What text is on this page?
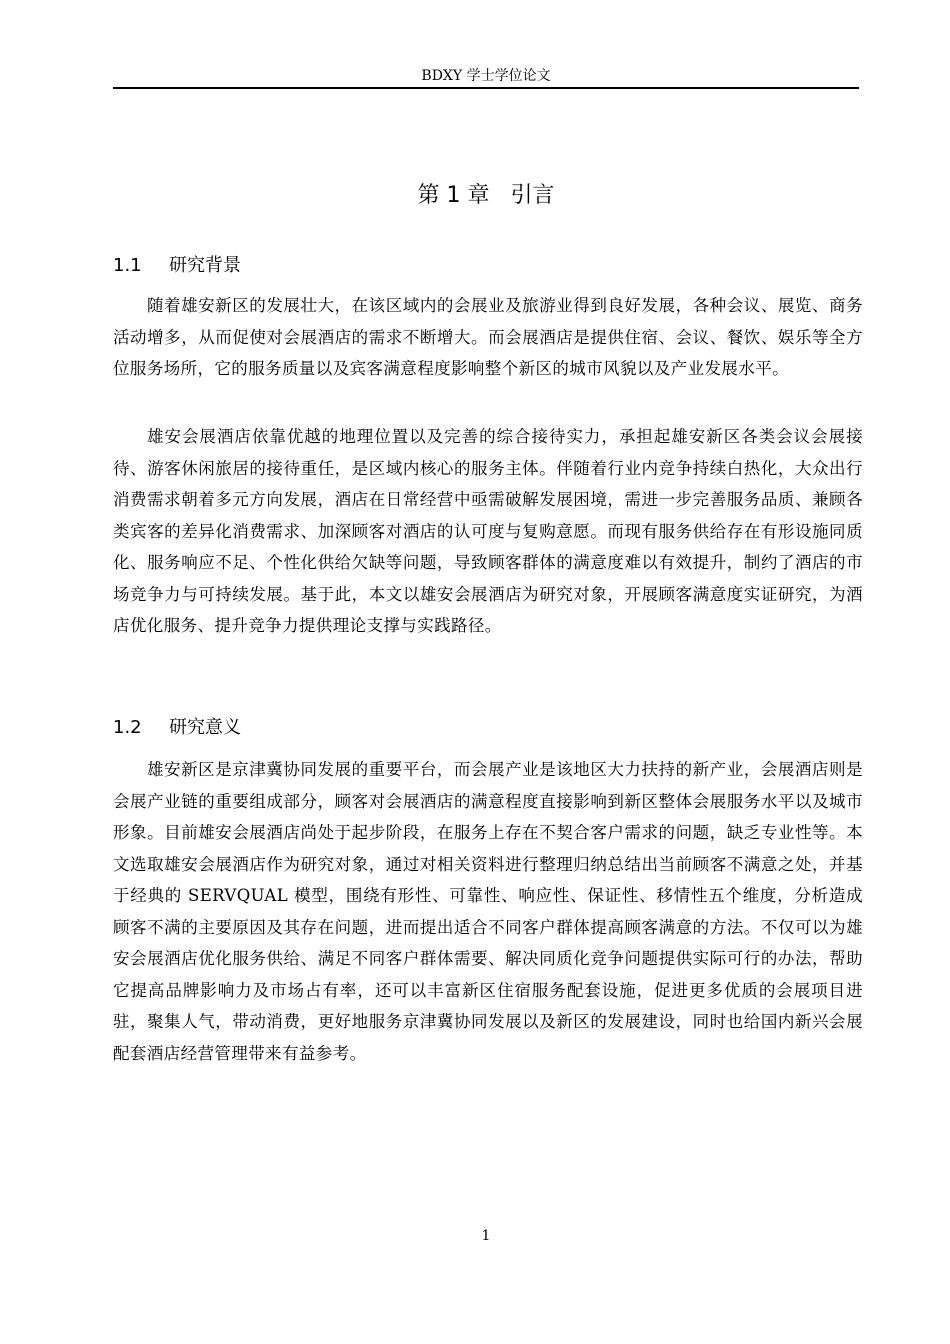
BDXY 学士学位论文
第 1 章   引言
1.1 研究背景

随着雄安新区的发展壮大，在该区域内的会展业及旅游业得到良好发展，各种会议、展览、商务活动增多，从而促使对会展酒店的需求不断增大。而会展酒店是提供住宿、会议、餐饮、娱乐等全方位服务场所，它的服务质量以及宾客满意程度影响整个新区的城市风貌以及产业发展水平。

雄安会展酒店依靠优越的地理位置以及完善的综合接待实力，承担起雄安新区各类会议会展接待、游客休闲旅居的接待重任，是区域内核心的服务主体。伴随着行业内竞争持续白热化，大众出行消费需求朝着多元方向发展，酒店在日常经营中亟需破解发展困境，需进一步完善服务品质、兼顾各类宾客的差异化消费需求、加深顾客对酒店的认可度与复购意愿。而现有服务供给存在有形设施同质化、服务响应不足、个性化供给欠缺等问题，导致顾客群体的满意度难以有效提升，制约了酒店的市场竞争力与可持续发展。基于此，本文以雄安会展酒店为研究对象，开展顾客满意度实证研究，为酒店优化服务、提升竞争力提供理论支撑与实践路径。

1.2 研究意义

雄安新区是京津冀协同发展的重要平台，而会展产业是该地区大力扶持的新产业，会展酒店则是会展产业链的重要组成部分，顾客对会展酒店的满意程度直接影响到新区整体会展服务水平以及城市形象。目前雄安会展酒店尚处于起步阶段，在服务上存在不契合客户需求的问题，缺乏专业性等。本文选取雄安会展酒店作为研究对象，通过对相关资料进行整理归纳总结出当前顾客不满意之处，并基于经典的 SERVQUAL 模型，围绕有形性、可靠性、响应性、保证性、移情性五个维度，分析造成顾客不满的主要原因及其存在问题，进而提出适合不同客户群体提高顾客满意的方法。不仅可以为雄安会展酒店优化服务供给、满足不同客户群体需要、解决同质化竞争问题提供实际可行的办法，帮助它提高品牌影响力及市场占有率，还可以丰富新区住宿服务配套设施，促进更多优质的会展项目进驻，聚集人气，带动消费，更好地服务京津冀协同发展以及新区的发展建设，同时也给国内新兴会展配套酒店经营管理带来有益参考。

1
